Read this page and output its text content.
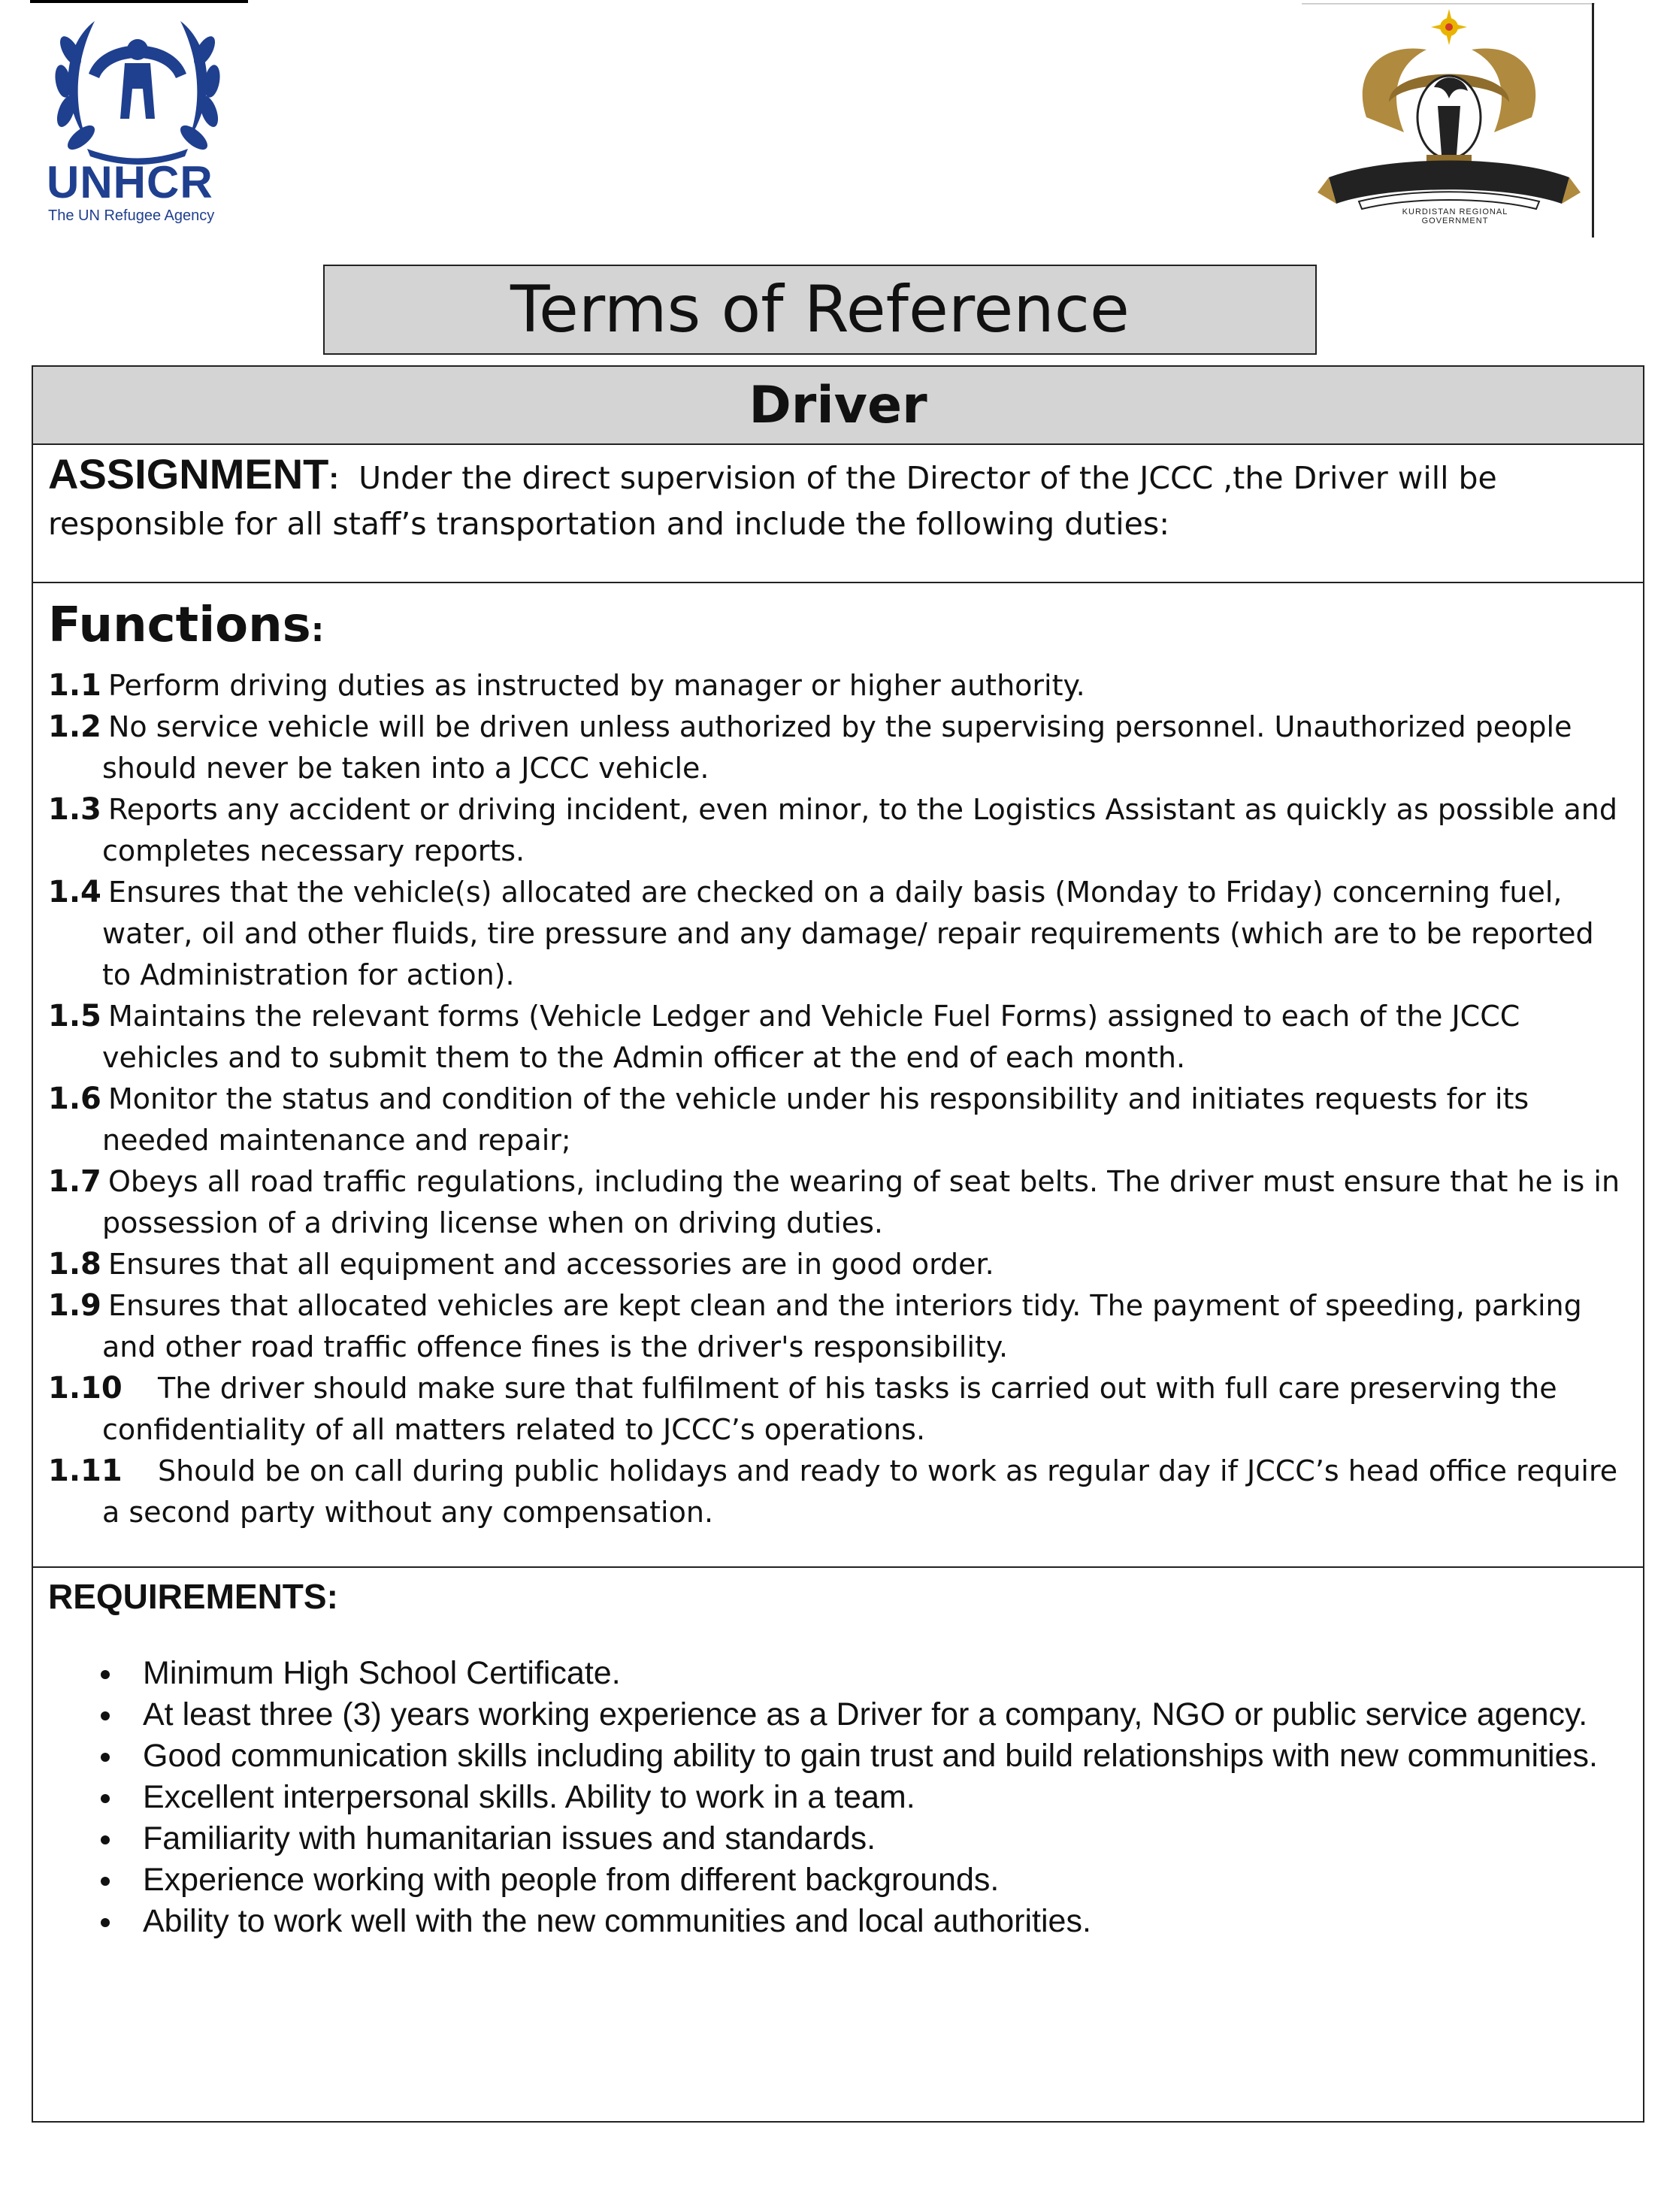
UNHCR
The UN Refugee Agency	KURDISTAN REGIONAL GOVERNMENT
Terms of Reference
Driver

ASSIGNMENT: Under the direct supervision of the Director of the JCCC ,the Driver will be responsible for all staff’s transportation and include the following duties:

Functions:

1.1 Perform driving duties as instructed by manager or higher authority.
1.2 No service vehicle will be driven unless authorized by the supervising personnel. Unauthorized people should never be taken into a JCCC vehicle.
1.3 Reports any accident or driving incident, even minor, to the Logistics Assistant as quickly as possible and completes necessary reports.
1.4 Ensures that the vehicle(s) allocated are checked on a daily basis (Monday to Friday) concerning fuel, water, oil and other fluids, tire pressure and any damage/ repair requirements (which are to be reported to Administration for action).
1.5 Maintains the relevant forms (Vehicle Ledger and Vehicle Fuel Forms) assigned to each of the JCCC vehicles and to submit them to the Admin officer at the end of each month.
1.6 Monitor the status and condition of the vehicle under his responsibility and initiates requests for its needed maintenance and repair;
1.7 Obeys all road traffic regulations, including the wearing of seat belts. The driver must ensure that he is in possession of a driving license when on driving duties.
1.8 Ensures that all equipment and accessories are in good order.
1.9 Ensures that allocated vehicles are kept clean and the interiors tidy. The payment of speeding, parking and other road traffic offence fines is the driver's responsibility.
1.10 The driver should make sure that fulfilment of his tasks is carried out with full care preserving the confidentiality of all matters related to JCCC’s operations.
1.11 Should be on call during public holidays and ready to work as regular day if JCCC’s head office require a second party without any compensation.

REQUIREMENTS:

Minimum High School Certificate.
At least three (3) years working experience as a Driver for a company, NGO or public service agency.
Good communication skills including ability to gain trust and build relationships with new communities.
Excellent interpersonal skills. Ability to work in a team.
Familiarity with humanitarian issues and standards.
Experience working with people from different backgrounds.
Ability to work well with the new communities and local authorities.
